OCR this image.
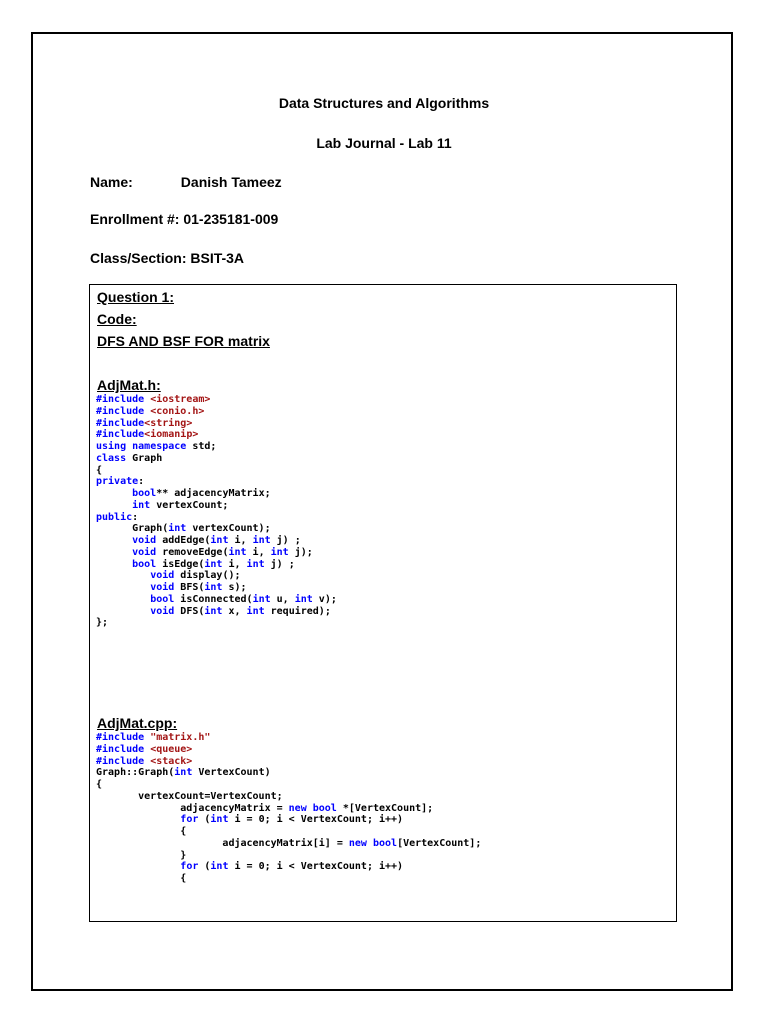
Data Structures and Algorithms
Lab Journal - Lab 11
Name:	Danish Tameez
Enrollment #: 01-235181-009
Class/Section: BSIT-3A
Question 1:
Code:
DFS AND BSF FOR matrix
AdjMat.h:
#include <iostream>
#include <conio.h>
#include<string>
#include<iomanip>
using namespace std;
class Graph
{
private:
bool** adjacencyMatrix;
int vertexCount;
public:
Graph(int vertexCount);
void addEdge(int i, int j) ;
void removeEdge(int i, int j);
bool isEdge(int i, int j) ;
void display();
void BFS(int s);
bool isConnected(int u, int v);
void DFS(int x, int required);
};
AdjMat.cpp:
#include "matrix.h"
#include <queue>
#include <stack>
Graph::Graph(int VertexCount)
{
vertexCount=VertexCount;
adjacencyMatrix = new bool *[VertexCount];
for (int i = 0; i < VertexCount; i++)
{
adjacencyMatrix[i] = new bool[VertexCount];
}
for (int i = 0; i < VertexCount; i++)
{
